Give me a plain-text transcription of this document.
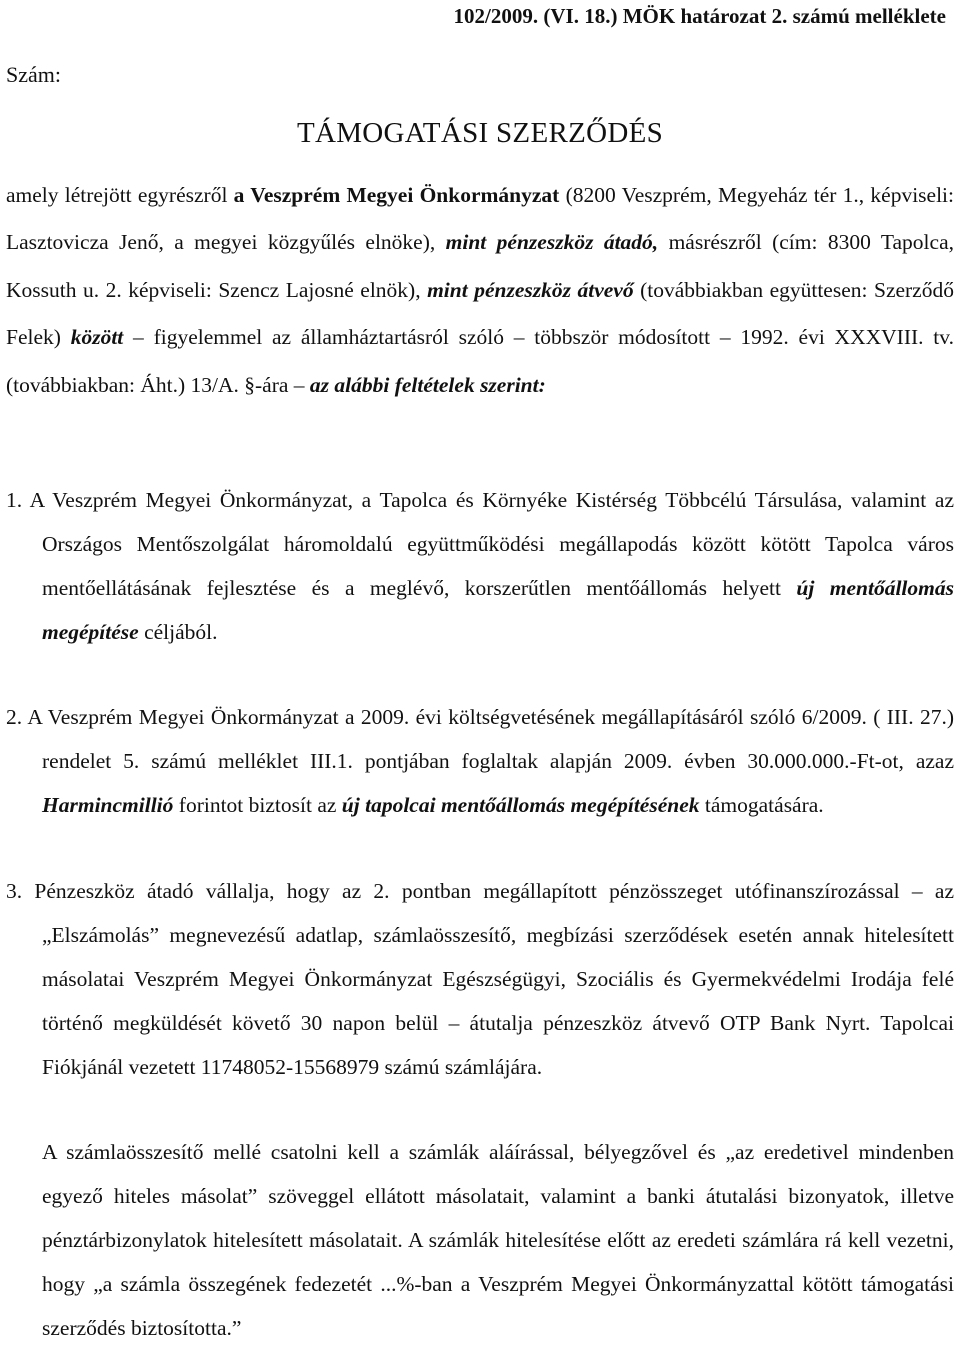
102/2009. (VI. 18.) MÖK határozat 2. számú melléklete
Szám:
TÁMOGATÁSI SZERZŐDÉS
amely létrejött egyrészről a Veszprém Megyei Önkormányzat (8200 Veszprém, Megyeház tér 1., képviseli: Lasztovicza Jenő, a megyei közgyűlés elnöke), mint pénzeszköz átadó, másrészről (cím: 8300 Tapolca, Kossuth u. 2. képviseli: Szencz Lajosné elnök), mint pénzeszköz átvevő (továbbiakban együttesen: Szerződő Felek) között – figyelemmel az államháztartásról szóló – többször módosított – 1992. évi XXXVIII. tv. (továbbiakban: Áht.) 13/A. §-ára – az alábbi feltételek szerint:

1. A Veszprém Megyei Önkormányzat, a Tapolca és Környéke Kistérség Többcélú Társulása, valamint az Országos Mentőszolgálat háromoldalú együttműködési megállapodás között kötött Tapolca város mentőellátásának fejlesztése és a meglévő, korszerűtlen mentőállomás helyett új mentőállomás megépítése céljából.

2. A Veszprém Megyei Önkormányzat a 2009. évi költségvetésének megállapításáról szóló 6/2009. ( III. 27.) rendelet 5. számú melléklet III.1. pontjában foglaltak alapján 2009. évben 30.000.000.-Ft-ot, azaz Harmincmillió forintot biztosít az új tapolcai mentőállomás megépítésének támogatására.

3. Pénzeszköz átadó vállalja, hogy az 2. pontban megállapított pénzösszeget utófinanszírozással – az „Elszámolás” megnevezésű adatlap, számlaösszesítő, megbízási szerződések esetén annak hitelesített másolatai Veszprém Megyei Önkormányzat Egészségügyi, Szociális és Gyermekvédelmi Irodája felé történő megküldését követő 30 napon belül – átutalja pénzeszköz átvevő OTP Bank Nyrt. Tapolcai Fiókjánál vezetett 11748052-15568979 számú számlájára.

A számlaösszesítő mellé csatolni kell a számlák aláírással, bélyegzővel és „az eredetivel mindenben egyező hiteles másolat” szöveggel ellátott másolatait, valamint a banki átutalási bizonyatok, illetve pénztárbizonylatok hitelesített másolatait. A számlák hitelesítése előtt az eredeti számlára rá kell vezetni, hogy „a számla összegének fedezetét ...%-ban a Veszprém Megyei Önkormányzattal kötött támogatási szerződés biztosította.”
